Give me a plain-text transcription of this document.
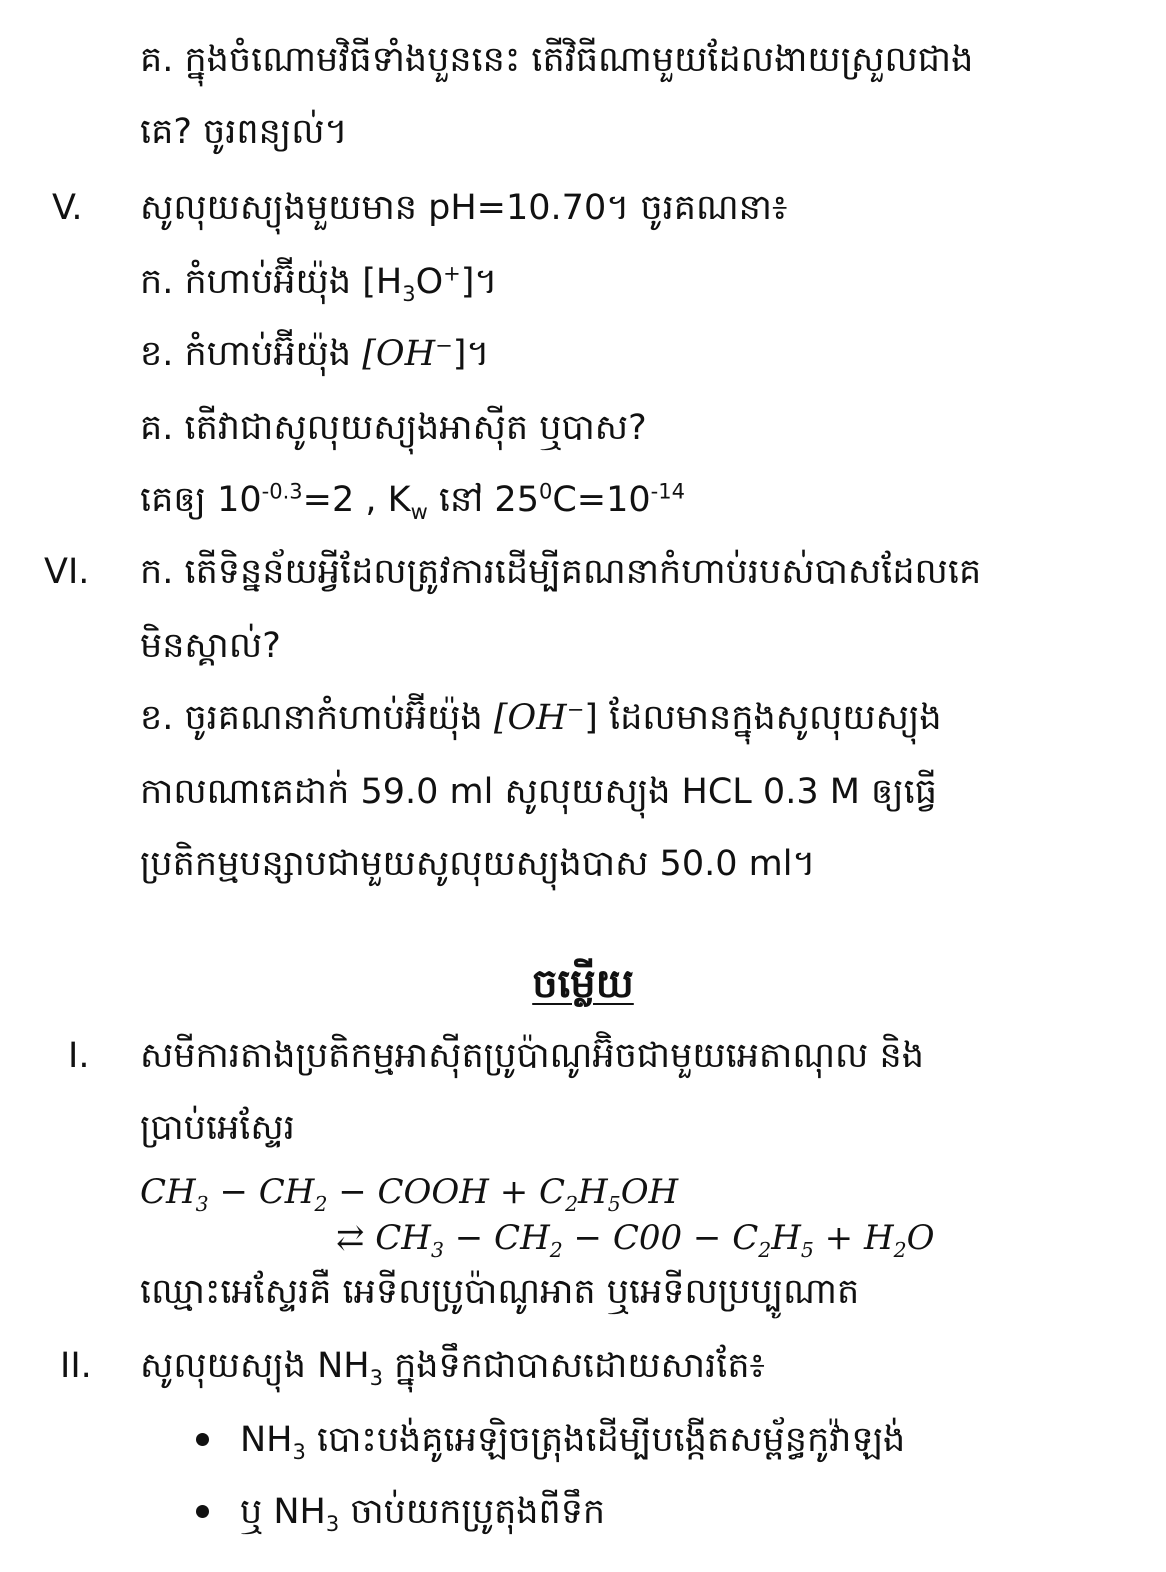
គ. ក្នុងចំណោមវិធីទាំងបួននេះ តើវិធីណាមួយដែលងាយស្រួលជាង
គេ? ចូរពន្យល់។
V. សូលុយស្យុងមួយមាន pH=10.70។ ចូរគណនា៖
ក. កំហាប់អ៊ីយ៉ុង $[H_3O^+]$។
ខ. កំហាប់អ៊ីយ៉ុង [OH−]។
គ. តើវាជាសូលុយស្យុងអាស៊ីត ឬបាស?
គេឲ្យ $10^{-0.3}=2$ , $K_w$ នៅ $25^0C=10^{-14}$
VI. ក. តើទិន្នន័យអ្វីដែលត្រូវការដើម្បីគណនាកំហាប់របស់បាសដែលគេ
មិនស្គាល់?
ខ. ចូរគណនាកំហាប់អ៊ីយ៉ុង [OH−] ដែលមានក្នុងសូលុយស្យុង
កាលណាគេដាក់ 59.0 ml សូលុយស្យុង HCL 0.3 M ឲ្យធ្វើ
ប្រតិកម្មបន្សាបជាមួយសូលុយស្យុងបាស 50.0 ml។
ចម្លើយ
I. សមីការតាងប្រតិកម្មអាស៊ីតប្រូប៉ាណូអ៊ិចជាមួយអេតាណុល និង
ប្រាប់អេស្ទែរ
$CH_3 - CH_2$ − COOH + $C_2H_5OH$
⇄ $CH_3 - CH_2 - C00 - C_2H_5 + H_2O$
ឈ្មោះអេស្ទែរគឺ អេទីលប្រូប៉ាណូអាត ឬអេទីលប្រប្បូណាត
II. សូលុយស្យុង $NH_3$ ក្នុងទឹកជាបាសដោយសារតែ៖
$NH_3$ បោះបង់គូអេឡិចត្រុងដើម្បីបង្កើតសម្ព័ន្ធកូវ៉ាឡង់
ឬ $NH_3$ ចាប់យកប្រូតុងពីទឹក
